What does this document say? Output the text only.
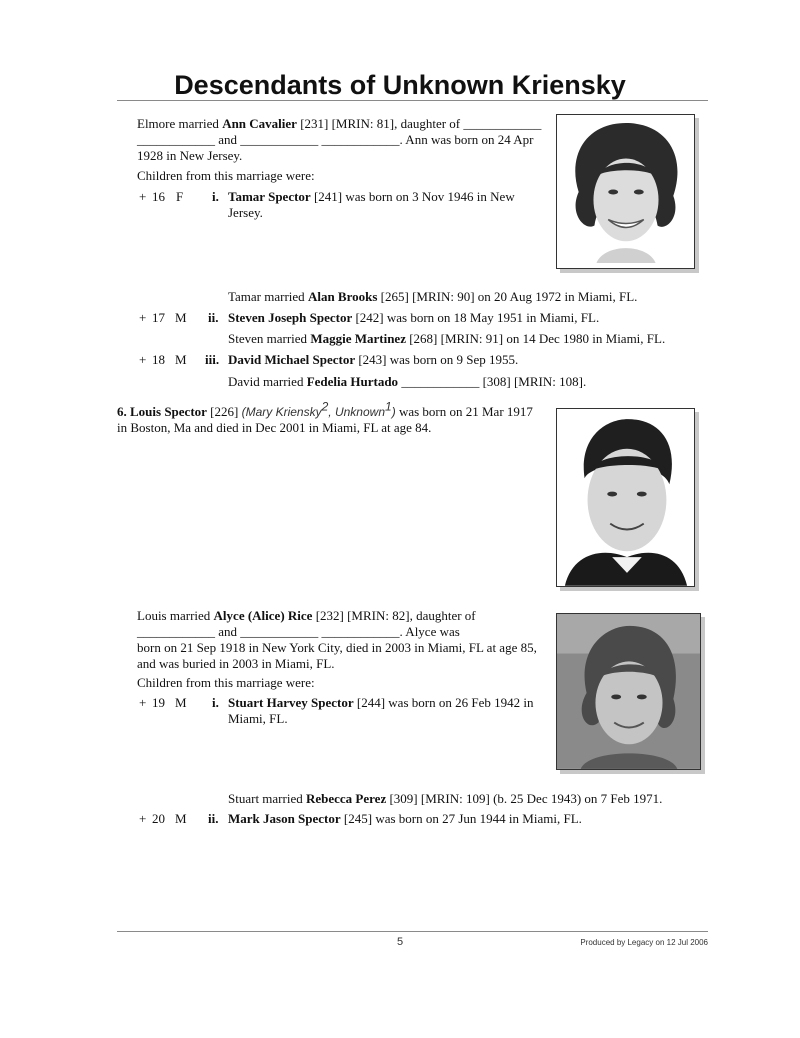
Descendants of Unknown Kriensky

Elmore married Ann Cavalier [231] [MRIN: 81], daughter of ____________

____________ and ____________ ____________. Ann was born on 24 Apr

1928 in New Jersey.

Children from this marriage were:

+ 16 F i. Tamar Spector [241] was born on 3 Nov 1946 in New

Jersey.

Tamar married Alan Brooks [265] [MRIN: 90] on 20 Aug 1972 in Miami, FL.

+ 17 M ii. Steven Joseph Spector [242] was born on 18 May 1951 in Miami, FL.

Steven married Maggie Martinez [268] [MRIN: 91] on 14 Dec 1980 in Miami, FL.

+ 18 M iii. David Michael Spector [243] was born on 9 Sep 1955.

David married Fedelia Hurtado ____________ [308] [MRIN: 108].

6. Louis Spector [226] (Mary Kriensky$^2$, Unknown$^1$) was born on 21 Mar 1917

in Boston, Ma and died in Dec 2001 in Miami, FL at age 84.

Louis married Alyce (Alice) Rice [232] [MRIN: 82], daughter of

____________ and ____________ ____________. Alyce was

born on 21 Sep 1918 in New York City, died in 2003 in Miami, FL at age 85,

and was buried in 2003 in Miami, FL.

Children from this marriage were:

+ 19 M i. Stuart Harvey Spector [244] was born on 26 Feb 1942 in

Miami, FL.

Stuart married Rebecca Perez [309] [MRIN: 109] (b. 25 Dec 1943) on 7 Feb 1971.

+ 20 M ii. Mark Jason Spector [245] was born on 27 Jun 1944 in Miami, FL.

5	Produced by Legacy on 12 Jul 2006
